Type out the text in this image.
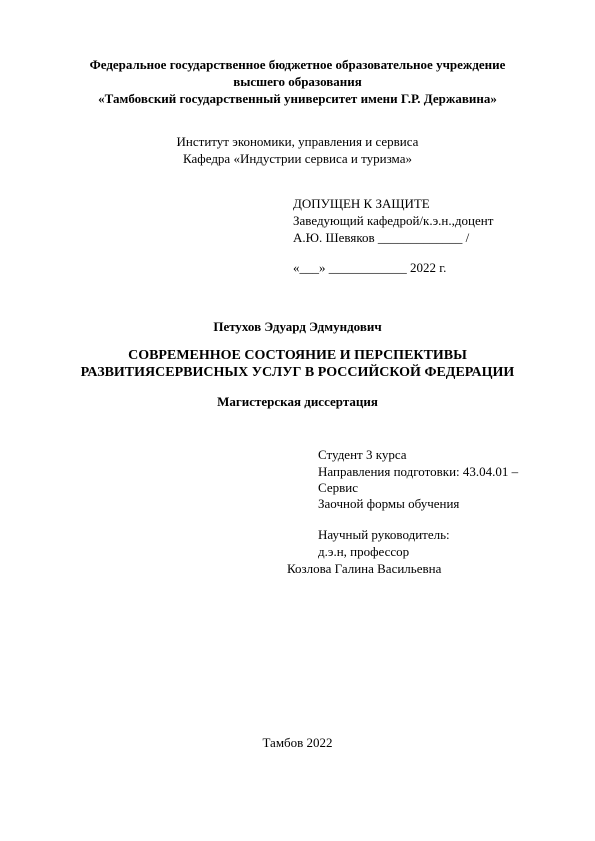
Федеральное государственное бюджетное образовательное учреждение
высшего образования
«Тамбовский государственный университет имени Г.Р. Державина»
Институт экономики, управления и сервиса
Кафедра «Индустрии сервиса и туризма»
ДОПУЩЕН К ЗАЩИТЕ
Заведующий кафедрой/к.э.н.,доцент
А.Ю. Шевяков _____________ /
«___» ____________ 2022 г.
Петухов Эдуард Эдмундович
СОВРЕМЕННОЕ СОСТОЯНИЕ И ПЕРСПЕКТИВЫ
РАЗВИТИЯСЕРВИСНЫХ УСЛУГ В РОССИЙСКОЙ ФЕДЕРАЦИИ
Магистерская диссертация
Студент 3 курса
Направления подготовки: 43.04.01 –
Сервис
Заочной формы обучения
Научный руководитель:
д.э.н, профессор
Козлова Галина Васильевна
Тамбов 2022
